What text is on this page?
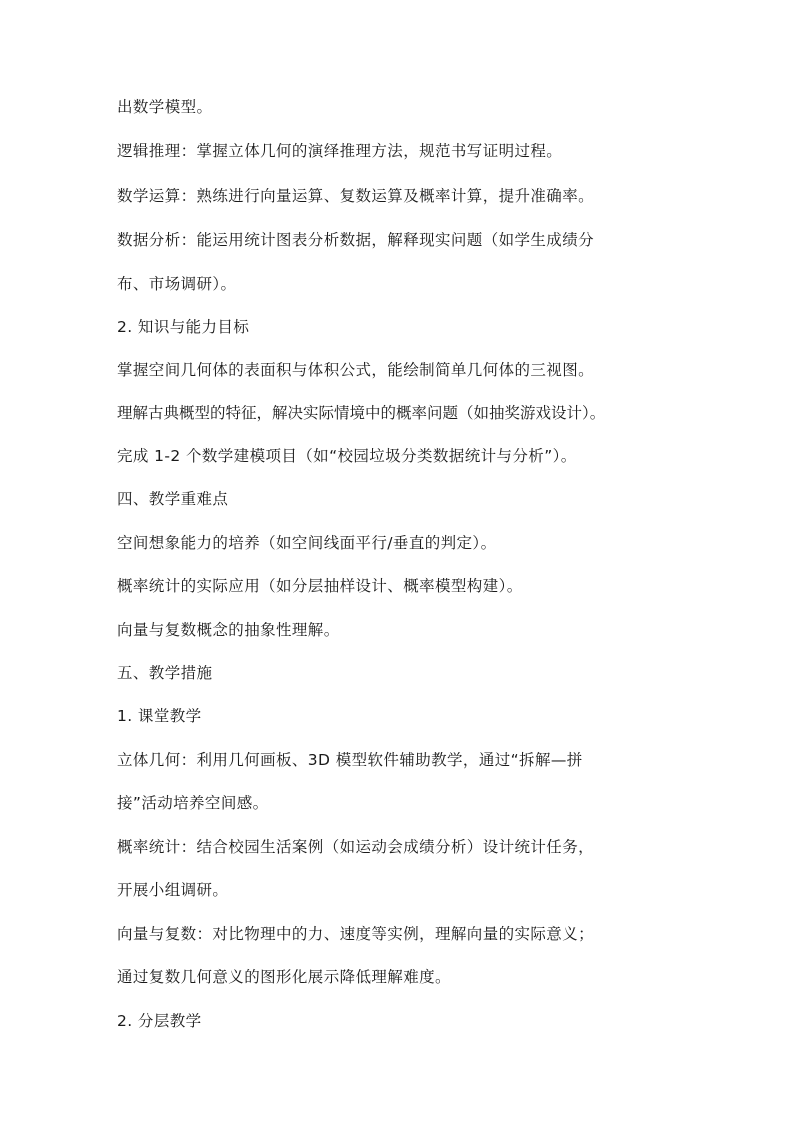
出数学模型。
逻辑推理：掌握立体几何的演绎推理方法，规范书写证明过程。
数学运算：熟练进行向量运算、复数运算及概率计算，提升准确率。
数据分析：能运用统计图表分析数据，解释现实问题（如学生成绩分
布、市场调研）。
2. 知识与能力目标
掌握空间几何体的表面积与体积公式，能绘制简单几何体的三视图。
理解古典概型的特征，解决实际情境中的概率问题（如抽奖游戏设计）。
完成 1-2 个数学建模项目（如“校园垃圾分类数据统计与分析”）。
四、教学重难点
空间想象能力的培养（如空间线面平行/垂直的判定）。
概率统计的实际应用（如分层抽样设计、概率模型构建）。
向量与复数概念的抽象性理解。
五、教学措施
1. 课堂教学
立体几何：利用几何画板、3D 模型软件辅助教学，通过“拆解—拼
接”活动培养空间感。
概率统计：结合校园生活案例（如运动会成绩分析）设计统计任务，
开展小组调研。
向量与复数：对比物理中的力、速度等实例，理解向量的实际意义；
通过复数几何意义的图形化展示降低理解难度。
2. 分层教学
